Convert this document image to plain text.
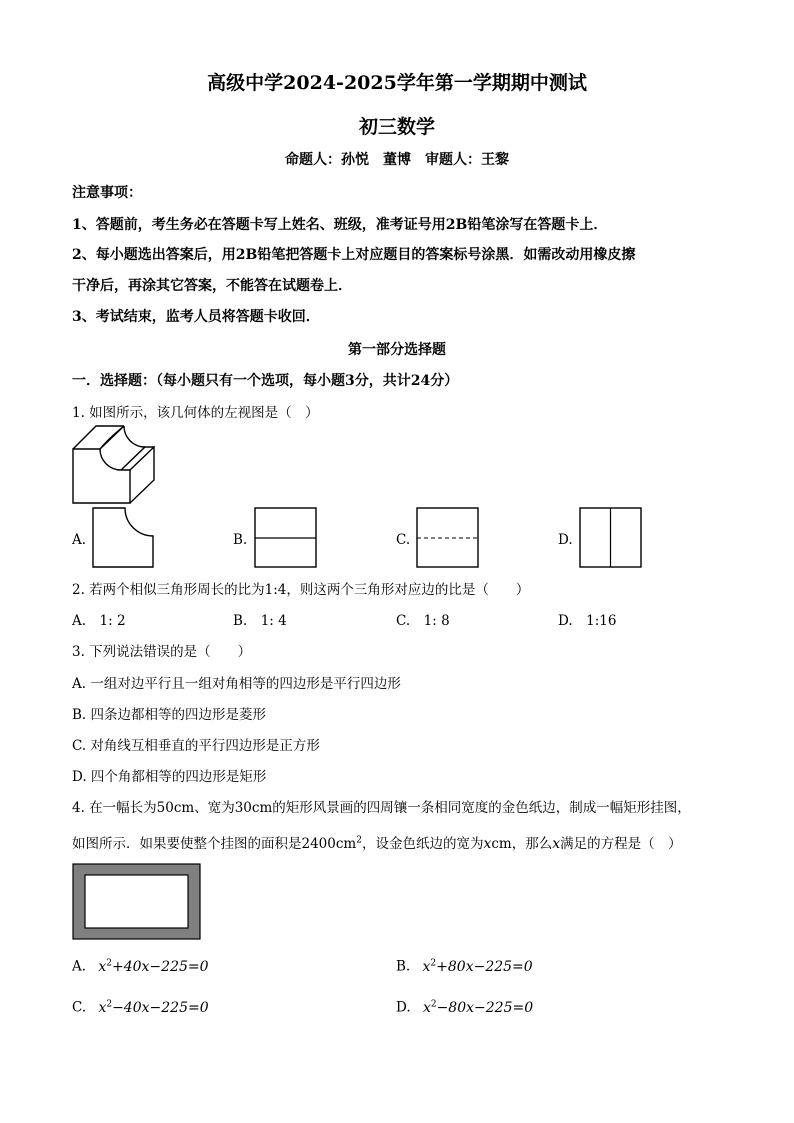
高级中学2024-2025学年第一学期期中测试
初三数学
命题人：孙悦　董博　审题人：王黎
注意事项：
1、答题前，考生务必在答题卡写上姓名、班级，准考证号用2B铅笔涂写在答题卡上．
2、每小题选出答案后，用2B铅笔把答题卡上对应题目的答案标号涂黑．如需改动用橡皮擦
干净后，再涂其它答案，不能答在试题卷上．
3、考试结束，监考人员将答题卡收回．
第一部分选择题
一．选择题：（每小题只有一个选项，每小题3分，共计24分）
1. 如图所示，该几何体的左视图是（　）
A.	B.	C.	D.
2. 若两个相似三角形周长的比为1:4，则这两个三角形对应边的比是（　　）
A.　1: 2	B.　1: 4	C.　1: 8	D.　1:16
3. 下列说法错误的是（　　）
A. 一组对边平行且一组对角相等的四边形是平行四边形
B. 四条边都相等的四边形是菱形
C. 对角线互相垂直的平行四边形是正方形
D. 四个角都相等的四边形是矩形
4. 在一幅长为50cm、宽为30cm的矩形风景画的四周镶一条相同宽度的金色纸边，制成一幅矩形挂图，
如图所示．如果要使整个挂图的面积是$2400cm^2$，设金色纸边的宽为xcm，那么x满足的方程是（　）
A. $x^2+40x-225=0$	B. $x^2+80x-225=0$
C. $x^2-40x-225=0$	D. $x^2-80x-225=0$
